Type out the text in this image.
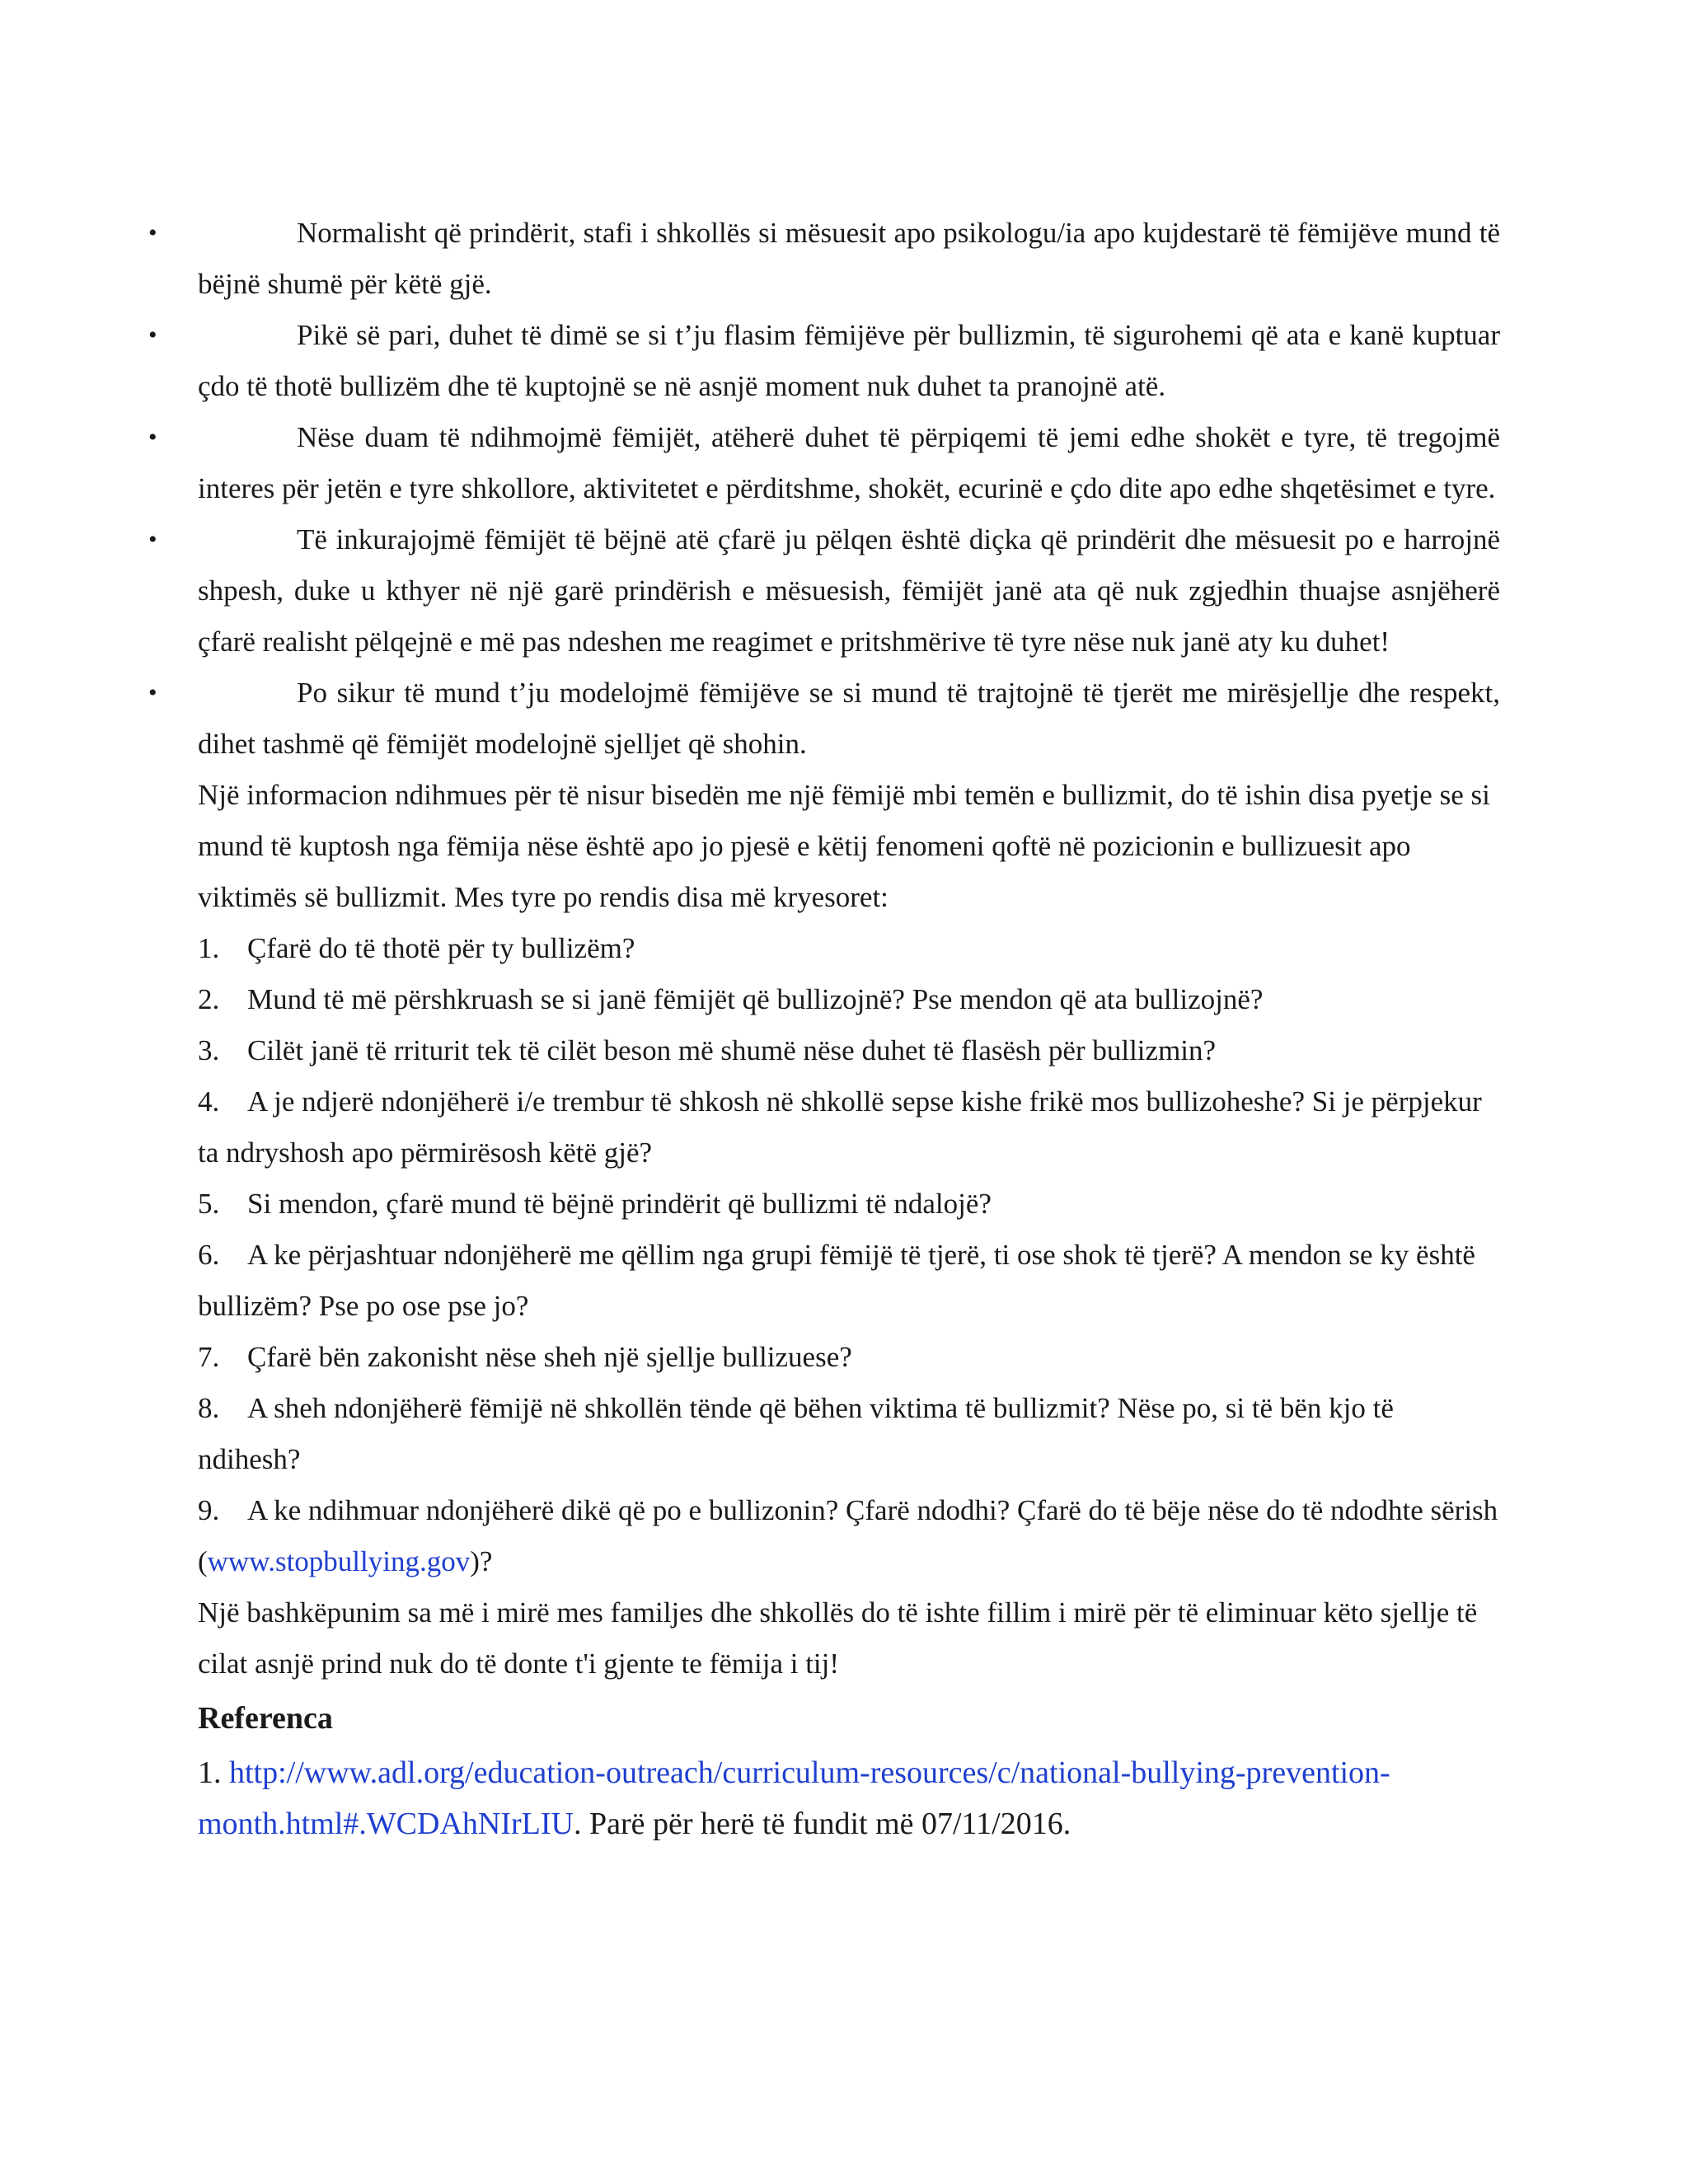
•	Normalisht që prindërit, stafi i shkollës si mësuesit apo psikologu/ia apo kujdestarë të fëmijëve mund të bëjnë shumë për këtë gjë.

•	Pikë së pari, duhet të dimë se si t’ju flasim fëmijëve për bullizmin, të sigurohemi që ata e kanë kuptuar çdo të thotë bullizëm dhe të kuptojnë se në asnjë moment nuk duhet ta pranojnë atë.

•	Nëse duam të ndihmojmë fëmijët, atëherë duhet të përpiqemi të jemi edhe shokët e tyre, të tregojmë interes për jetën e tyre shkollore, aktivitetet e përditshme, shokët, ecurinë e çdo dite apo edhe shqetësimet e tyre.

•	Të inkurajojmë fëmijët të bëjnë atë çfarë ju pëlqen është diçka që prindërit dhe mësuesit po e harrojnë shpesh, duke u kthyer në një garë prindërish e mësuesish, fëmijët janë ata që nuk zgjedhin thuajse asnjëherë çfarë realisht pëlqejnë e më pas ndeshen me reagimet e pritshmërive të tyre nëse nuk janë aty ku duhet!

•	Po sikur të mund t’ju modelojmë fëmijëve se si mund të trajtojnë të tjerët me mirësjellje dhe respekt, dihet tashmë që fëmijët modelojnë sjelljet që shohin.

Një informacion ndihmues për të nisur bisedën me një fëmijë mbi temën e bullizmit, do të ishin disa pyetje se si mund të kuptosh nga fëmija nëse është apo jo pjesë e këtij fenomeni qoftë në pozicionin e bullizuesit apo viktimës së bullizmit. Mes tyre po rendis disa më kryesoret:

1. Çfarë do të thotë për ty bullizëm?

2. Mund të më përshkruash se si janë fëmijët që bullizojnë? Pse mendon që ata bullizojnë?

3. Cilët janë të rriturit tek të cilët beson më shumë nëse duhet të flasësh për bullizmin?

4. A je ndjerë ndonjëherë i/e trembur të shkosh në shkollë sepse kishe frikë mos bullizoheshe? Si je përpjekur ta ndryshosh apo përmirësosh këtë gjë?

5. Si mendon, çfarë mund të bëjnë prindërit që bullizmi të ndalojë?

6. A ke përjashtuar ndonjëherë me qëllim nga grupi fëmijë të tjerë, ti ose shok të tjerë? A mendon se ky është bullizëm? Pse po ose pse jo?

7. Çfarë bën zakonisht nëse sheh një sjellje bullizuese?

8. A sheh ndonjëherë fëmijë në shkollën tënde që bëhen viktima të bullizmit? Nëse po, si të bën kjo të ndihesh?

9. A ke ndihmuar ndonjëherë dikë që po e bullizonin? Çfarë ndodhi? Çfarë do të bëje nëse do të ndodhte sërish (www.stopbullying.gov)?

Një bashkëpunim sa më i mirë mes familjes dhe shkollës do të ishte fillim i mirë për të eliminuar këto sjellje të cilat asnjë prind nuk do të donte t'i gjente te fëmija i tij!

Referenca

1. http://www.adl.org/education-outreach/curriculum-resources/c/national-bullying-prevention-month.html#.WCDAhNIrLIU. Parë për herë të fundit më 07/11/2016.
